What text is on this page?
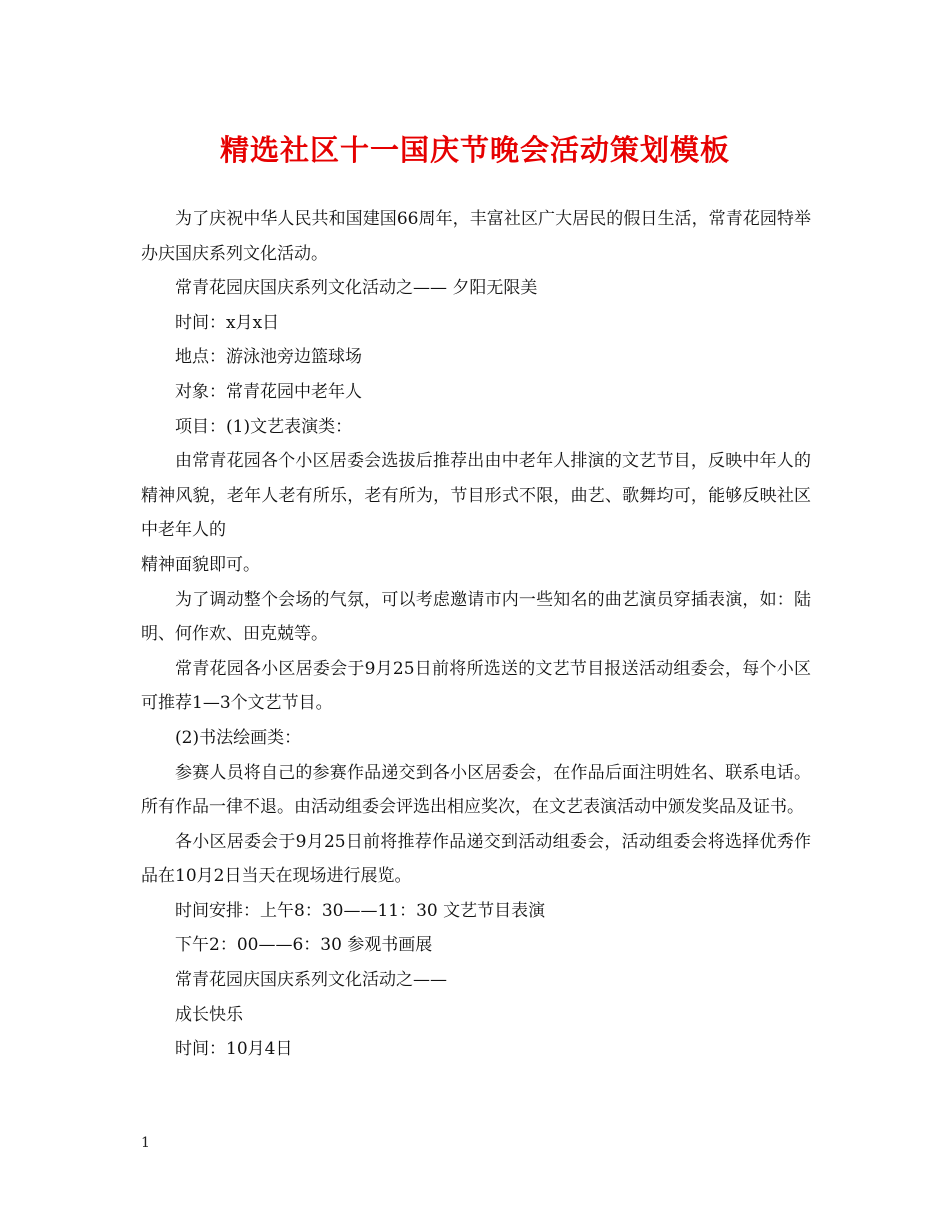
精选社区十一国庆节晚会活动策划模板

为了庆祝中华人民共和国建国66周年，丰富社区广大居民的假日生活，常青花园特举办庆国庆系列文化活动。

常青花园庆国庆系列文化活动之—— 夕阳无限美

时间：x月x日

地点：游泳池旁边篮球场

对象：常青花园中老年人

项目：(1)文艺表演类：

由常青花园各个小区居委会选拔后推荐出由中老年人排演的文艺节目，反映中年人的精神风貌，老年人老有所乐，老有所为，节目形式不限，曲艺、歌舞均可，能够反映社区中老年人的

精神面貌即可。

为了调动整个会场的气氛，可以考虑邀请市内一些知名的曲艺演员穿插表演，如：陆明、何作欢、田克兢等。

常青花园各小区居委会于9月25日前将所选送的文艺节目报送活动组委会，每个小区可推荐1—3个文艺节目。

(2)书法绘画类：

参赛人员将自己的参赛作品递交到各小区居委会，在作品后面注明姓名、联系电话。所有作品一律不退。由活动组委会评选出相应奖次，在文艺表演活动中颁发奖品及证书。

各小区居委会于9月25日前将推荐作品递交到活动组委会，活动组委会将选择优秀作品在10月2日当天在现场进行展览。

时间安排：上午8：30——11：30 文艺节目表演

下午2：00——6：30 参观书画展

常青花园庆国庆系列文化活动之——

成长快乐

时间：10月4日

1
